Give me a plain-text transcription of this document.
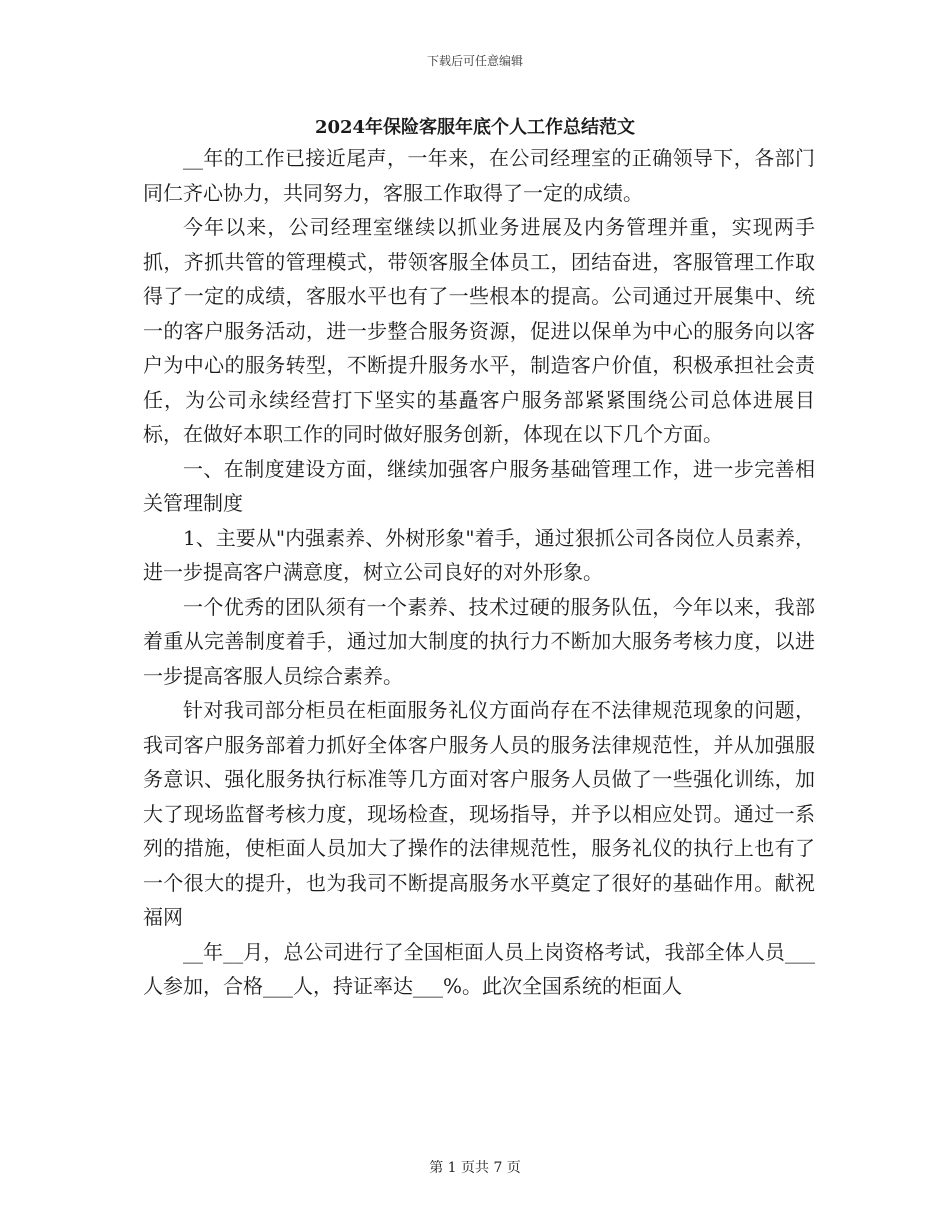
下载后可任意编辑
2024年保险客服年底个人工作总结范文

__年的工作已接近尾声，一年来，在公司经理室的正确领导下，各部门同仁齐心协力，共同努力，客服工作取得了一定的成绩。

今年以来，公司经理室继续以抓业务进展及内务管理并重，实现两手抓，齐抓共管的管理模式，带领客服全体员工，团结奋进，客服管理工作取得了一定的成绩，客服水平也有了一些根本的提高。公司通过开展集中、统一的客户服务活动，进一步整合服务资源，促进以保单为中心的服务向以客户为中心的服务转型，不断提升服务水平，制造客户价值，积极承担社会责任，为公司永续经营打下坚实的基矗客户服务部紧紧围绕公司总体进展目标，在做好本职工作的同时做好服务创新，体现在以下几个方面。

一、在制度建设方面，继续加强客户服务基础管理工作，进一步完善相关管理制度

1、主要从"内强素养、外树形象"着手，通过狠抓公司各岗位人员素养，进一步提高客户满意度，树立公司良好的对外形象。

一个优秀的团队须有一个素养、技术过硬的服务队伍，今年以来，我部着重从完善制度着手，通过加大制度的执行力不断加大服务考核力度，以进一步提高客服人员综合素养。

针对我司部分柜员在柜面服务礼仪方面尚存在不法律规范现象的问题，我司客户服务部着力抓好全体客户服务人员的服务法律规范性，并从加强服务意识、强化服务执行标准等几方面对客户服务人员做了一些强化训练，加大了现场监督考核力度，现场检查，现场指导，并予以相应处罚。通过一系列的措施，使柜面人员加大了操作的法律规范性，服务礼仪的执行上也有了一个很大的提升，也为我司不断提高服务水平奠定了很好的基础作用。献祝福网

__年__月，总公司进行了全国柜面人员上岗资格考试，我部全体人员___人参加，合格___人，持证率达___%。此次全国系统的柜面人

第 1 页共 7 页
